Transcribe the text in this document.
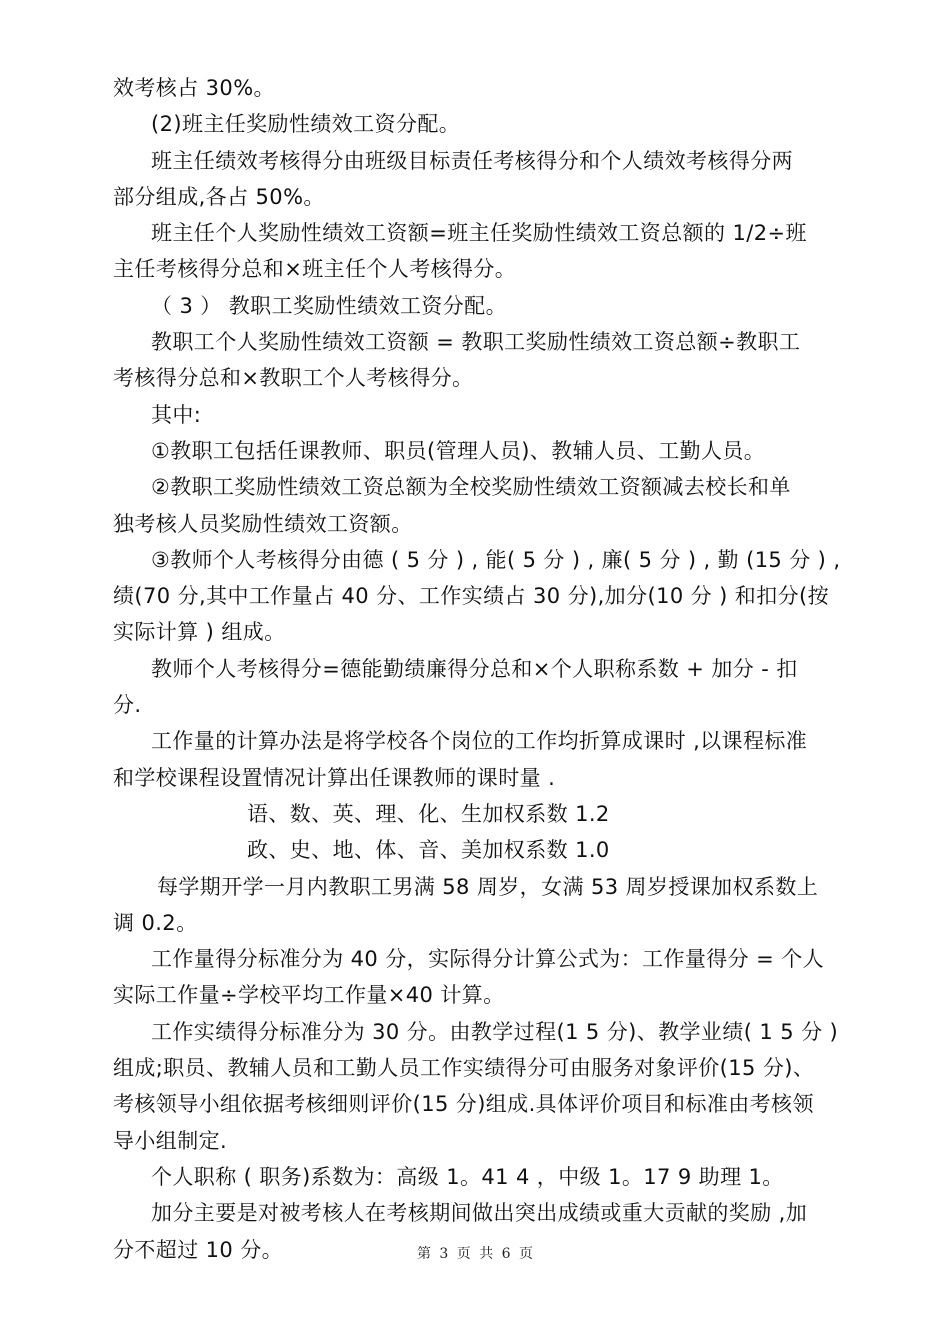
效考核占 30%。

(2)班主任奖励性绩效工资分配。

班主任绩效考核得分由班级目标责任考核得分和个人绩效考核得分两

部分组成,各占 50%。

班主任个人奖励性绩效工资额=班主任奖励性绩效工资总额的 1/2÷班

主任考核得分总和×班主任个人考核得分。

（ 3 ） 教职工奖励性绩效工资分配。

教职工个人奖励性绩效工资额 = 教职工奖励性绩效工资总额÷教职工

考核得分总和×教职工个人考核得分。

其中:

①教职工包括任课教师、职员(管理人员)、教辅人员、工勤人员。

②教职工奖励性绩效工资总额为全校奖励性绩效工资额减去校长和单

独考核人员奖励性绩效工资额。

③教师个人考核得分由德 ( 5 分 ) , 能( 5 分 ) , 廉( 5 分 ) , 勤 (15 分 ) ,

绩(70 分,其中工作量占 40 分、工作实绩占 30 分),加分(10 分 ) 和扣分(按

实际计算 ) 组成。

教师个人考核得分=德能勤绩廉得分总和×个人职称系数 + 加分 - 扣

分.

工作量的计算办法是将学校各个岗位的工作均折算成课时 ,以课程标准

和学校课程设置情况计算出任课教师的课时量 .

语、数、英、理、化、生加权系数 1.2

政、史、地、体、音、美加权系数 1.0

每学期开学一月内教职工男满 58 周岁，女满 53 周岁授课加权系数上

调 0.2。

工作量得分标准分为 40 分，实际得分计算公式为：工作量得分 = 个人

实际工作量÷学校平均工作量×40 计算。

工作实绩得分标准分为 30 分。由教学过程(1 5 分)、教学业绩( 1 5 分 )

组成;职员、教辅人员和工勤人员工作实绩得分可由服务对象评价(15 分)、

考核领导小组依据考核细则评价(15 分)组成.具体评价项目和标准由考核领

导小组制定.

个人职称 ( 职务)系数为：高级 1。41 4 ，中级 1。17 9 助理 1。

加分主要是对被考核人在考核期间做出突出成绩或重大贡献的奖励 ,加

分不超过 10 分。	第 3 页 共 6 页
